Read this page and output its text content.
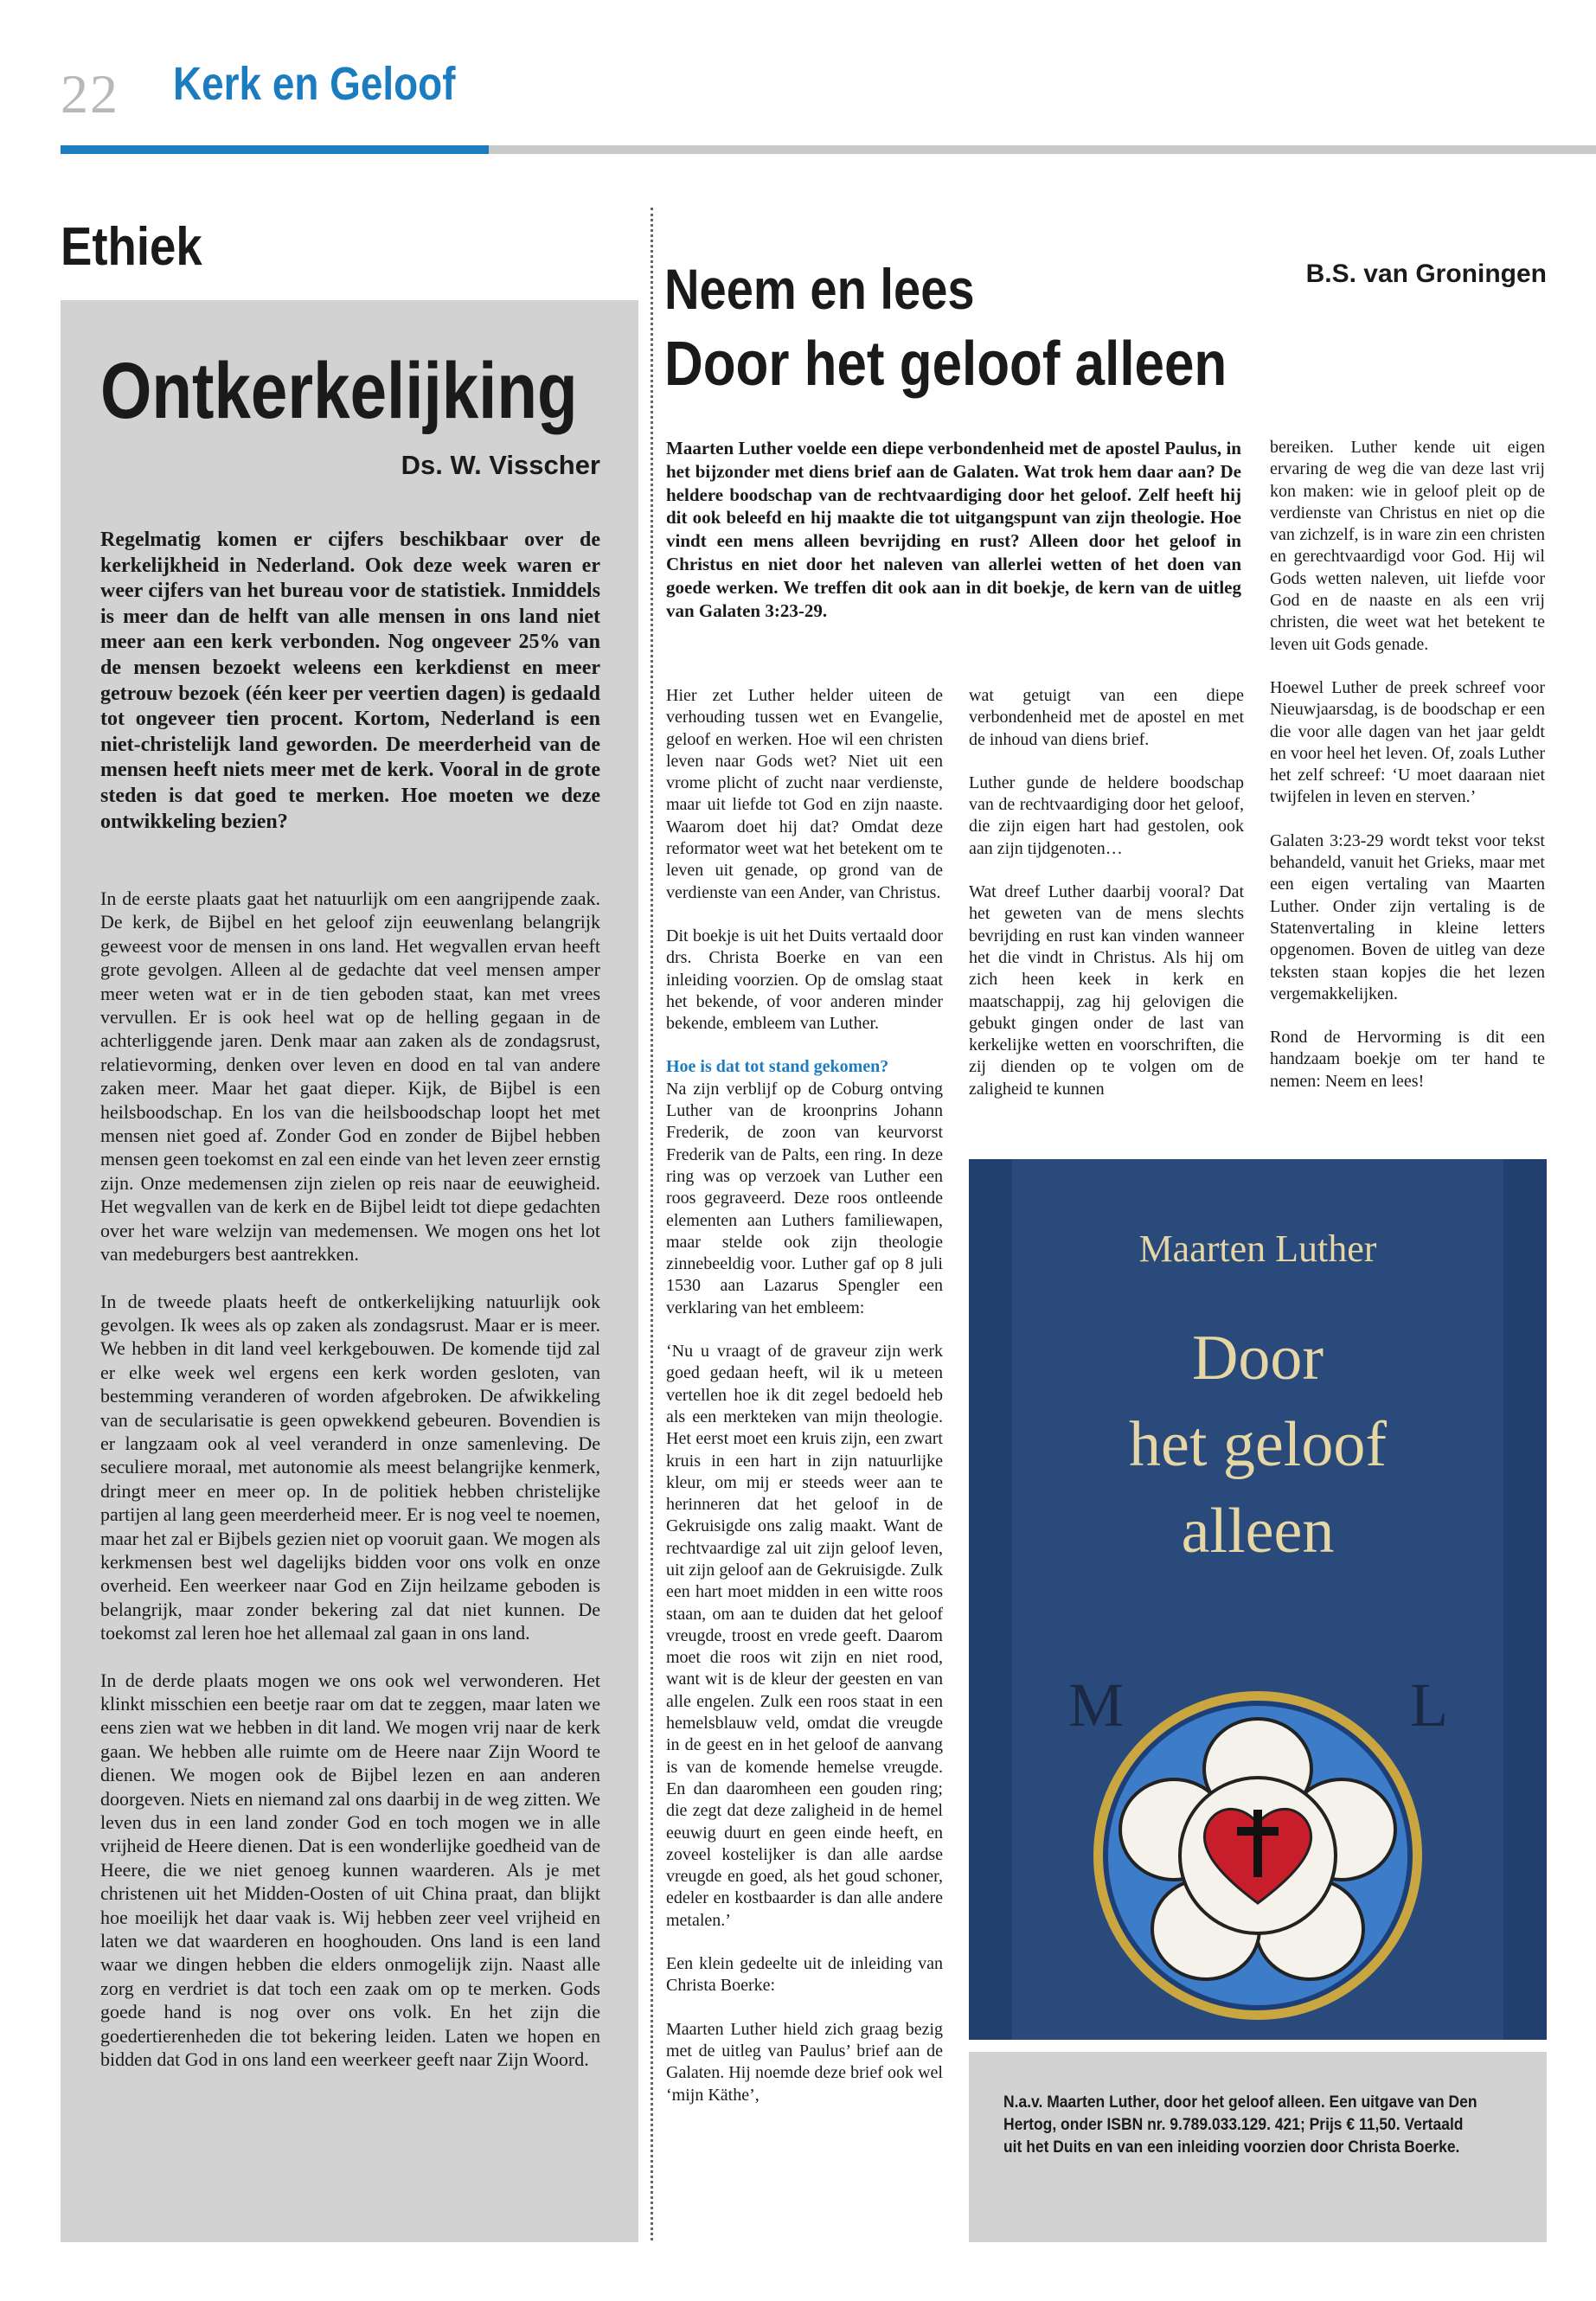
22 Kerk en Geloof
Ethiek
Ontkerkelijking
Ds. W. Visscher
Regelmatig komen er cijfers beschikbaar over de kerkelijkheid in Nederland. Ook deze week waren er weer cijfers van het bureau voor de statistiek. Inmiddels is meer dan de helft van alle mensen in ons land niet meer aan een kerk verbonden. Nog ongeveer 25% van de mensen bezoekt weleens een kerkdienst en meer getrouw bezoek (één keer per veertien dagen) is gedaald tot ongeveer tien procent. Kortom, Nederland is een niet-christelijk land geworden. De meerderheid van de mensen heeft niets meer met de kerk. Vooral in de grote steden is dat goed te merken. Hoe moeten we deze ontwikkeling bezien?

In de eerste plaats gaat het natuurlijk om een aangrijpende zaak. De kerk, de Bijbel en het geloof zijn eeuwenlang belangrijk geweest voor de mensen in ons land. Het wegvallen ervan heeft grote gevolgen. Alleen al de gedachte dat veel mensen amper meer weten wat er in de tien geboden staat, kan met vrees vervullen. Er is ook heel wat op de helling gegaan in de achterliggende jaren. Denk maar aan zaken als de zondagsrust, relatievorming, denken over leven en dood en tal van andere zaken meer. Maar het gaat dieper. Kijk, de Bijbel is een heilsboodschap. En los van die heilsboodschap loopt het met mensen niet goed af. Zonder God en zonder de Bijbel hebben mensen geen toekomst en zal een einde van het leven zeer ernstig zijn. Onze medemensen zijn zielen op reis naar de eeuwigheid. Het wegvallen van de kerk en de Bijbel leidt tot diepe gedachten over het ware welzijn van medemensen. We mogen ons het lot van medeburgers best aantrekken.

In de tweede plaats heeft de ontkerkelijking natuurlijk ook gevolgen. Ik wees als op zaken als zondagsrust. Maar er is meer. We hebben in dit land veel kerkgebouwen. De komende tijd zal er elke week wel ergens een kerk worden gesloten, van bestemming veranderen of worden afgebroken. De afwikkeling van de secularisatie is geen opwekkend gebeuren. Bovendien is er langzaam ook al veel veranderd in onze samenleving. De seculiere moraal, met autonomie als meest belangrijke kenmerk, dringt meer en meer op. In de politiek hebben christelijke partijen al lang geen meerderheid meer. Er is nog veel te noemen, maar het zal er Bijbels gezien niet op vooruit gaan. We mogen als kerkmensen best wel dagelijks bidden voor ons volk en onze overheid. Een weerkeer naar God en Zijn heilzame geboden is belangrijk, maar zonder bekering zal dat niet kunnen. De toekomst zal leren hoe het allemaal zal gaan in ons land.

In de derde plaats mogen we ons ook wel verwonderen. Het klinkt misschien een beetje raar om dat te zeggen, maar laten we eens zien wat we hebben in dit land. We mogen vrij naar de kerk gaan. We hebben alle ruimte om de Heere naar Zijn Woord te dienen. We mogen ook de Bijbel lezen en aan anderen doorgeven. Niets en niemand zal ons daarbij in de weg zitten. We leven dus in een land zonder God en toch mogen we in alle vrijheid de Heere dienen. Dat is een wonderlijke goedheid van de Heere, die we niet genoeg kunnen waarderen. Als je met christenen uit het Midden-Oosten of uit China praat, dan blijkt hoe moeilijk het daar vaak is. Wij hebben zeer veel vrijheid en laten we dat waarderen en hooghouden. Ons land is een land waar we dingen hebben die elders onmogelijk zijn. Naast alle zorg en verdriet is dat toch een zaak om op te merken. Gods goede hand is nog over ons volk. En het zijn die goedertierenheden die tot bekering leiden. Laten we hopen en bidden dat God in ons land een weerkeer geeft naar Zijn Woord.

Neem en lees
Door het geloof alleen
B.S. van Groningen
Maarten Luther voelde een diepe verbondenheid met de apostel Paulus, in het bijzonder met diens brief aan de Galaten. Wat trok hem daar aan? De heldere boodschap van de rechtvaardiging door het geloof. Zelf heeft hij dit ook beleefd en hij maakte die tot uitgangspunt van zijn theologie. Hoe vindt een mens alleen bevrijding en rust? Alleen door het geloof in Christus en niet door het naleven van allerlei wetten of het doen van goede werken. We treffen dit ook aan in dit boekje, de kern van de uitleg van Galaten 3:23-29.

Hier zet Luther helder uiteen de verhouding tussen wet en Evangelie, geloof en werken. Hoe wil een christen leven naar Gods wet? Niet uit een vrome plicht of zucht naar verdienste, maar uit liefde tot God en zijn naaste. Waarom doet hij dat? Omdat deze reformator weet wat het betekent om te leven uit genade, op grond van de verdienste van een Ander, van Christus.

Dit boekje is uit het Duits vertaald door drs. Christa Boerke en van een inleiding voorzien. Op de omslag staat het bekende, of voor anderen minder bekende, embleem van Luther.

Hoe is dat tot stand gekomen?

Na zijn verblijf op de Coburg ontving Luther van de kroonprins Johann Frederik, de zoon van keurvorst Frederik van de Palts, een ring. In deze ring was op verzoek van Luther een roos gegraveerd. Deze roos ontleende elementen aan Luthers familiewapen, maar stelde ook zijn theologie zinnebeeldig voor. Luther gaf op 8 juli 1530 aan Lazarus Spengler een verklaring van het embleem:

‘Nu u vraagt of de graveur zijn werk goed gedaan heeft, wil ik u meteen vertellen hoe ik dit zegel bedoeld heb als een merkteken van mijn theologie. Het eerst moet een kruis zijn, een zwart kruis in een hart in zijn natuurlijke kleur, om mij er steeds weer aan te herinneren dat het geloof in de Gekruisigde ons zalig maakt. Want de rechtvaardige zal uit zijn geloof leven, uit zijn geloof aan de Gekruisigde. Zulk een hart moet midden in een witte roos staan, om aan te duiden dat het geloof vreugde, troost en vrede geeft. Daarom moet die roos wit zijn en niet rood, want wit is de kleur der geesten en van alle engelen. Zulk een roos staat in een hemelsblauw veld, omdat die vreugde in de geest en in het geloof de aanvang is van de komende hemelse vreugde. En dan daaromheen een gouden ring; die zegt dat deze zaligheid in de hemel eeuwig duurt en geen einde heeft, en zoveel kostelijker is dan alle aardse vreugde en goed, als het goud schoner, edeler en kostbaarder is dan alle andere metalen.’

Een klein gedeelte uit de inleiding van Christa Boerke:

Maarten Luther hield zich graag bezig met de uitleg van Paulus’ brief aan de Galaten. Hij noemde deze brief ook wel ‘mijn Käthe’,

wat getuigt van een diepe verbondenheid met de apostel en met de inhoud van diens brief.

Luther gunde de heldere boodschap van de rechtvaardiging door het geloof, die zijn eigen hart had gestolen, ook aan zijn tijdgenoten…

Wat dreef Luther daarbij vooral? Dat het geweten van de mens slechts bevrijding en rust kan vinden wanneer het die vindt in Christus. Als hij om zich heen keek in kerk en maatschappij, zag hij gelovigen die gebukt gingen onder de last van kerkelijke wetten en voorschriften, die zij dienden op te volgen om de zaligheid te kunnen

bereiken. Luther kende uit eigen ervaring de weg die van deze last vrij kon maken: wie in geloof pleit op de verdienste van Christus en niet op die van zichzelf, is in ware zin een christen en gerechtvaardigd voor God. Hij wil Gods wetten naleven, uit liefde voor God en de naaste en als een vrij christen, die weet wat het betekent te leven uit Gods genade.

Hoewel Luther de preek schreef voor Nieuwjaarsdag, is de boodschap er een die voor alle dagen van het jaar geldt en voor heel het leven. Of, zoals Luther het zelf schreef: ‘U moet daaraan niet twijfelen in leven en sterven.’

Galaten 3:23-29 wordt tekst voor tekst behandeld, vanuit het Grieks, maar met een eigen vertaling van Maarten Luther. Onder zijn vertaling is de Statenvertaling in kleine letters opgenomen. Boven de uitleg van deze teksten staan kopjes die het lezen vergemakkelijken.

Rond de Hervorming is dit een handzaam boekje om ter hand te nemen: Neem en lees!

Maarten Luther
Door
het geloof
alleen
M	L
N.a.v. Maarten Luther, door het geloof alleen. Een uitgave van Den Hertog, onder ISBN nr. 9.789.033.129. 421; Prijs € 11,50. Vertaald uit het Duits en van een inleiding voorzien door Christa Boerke.
